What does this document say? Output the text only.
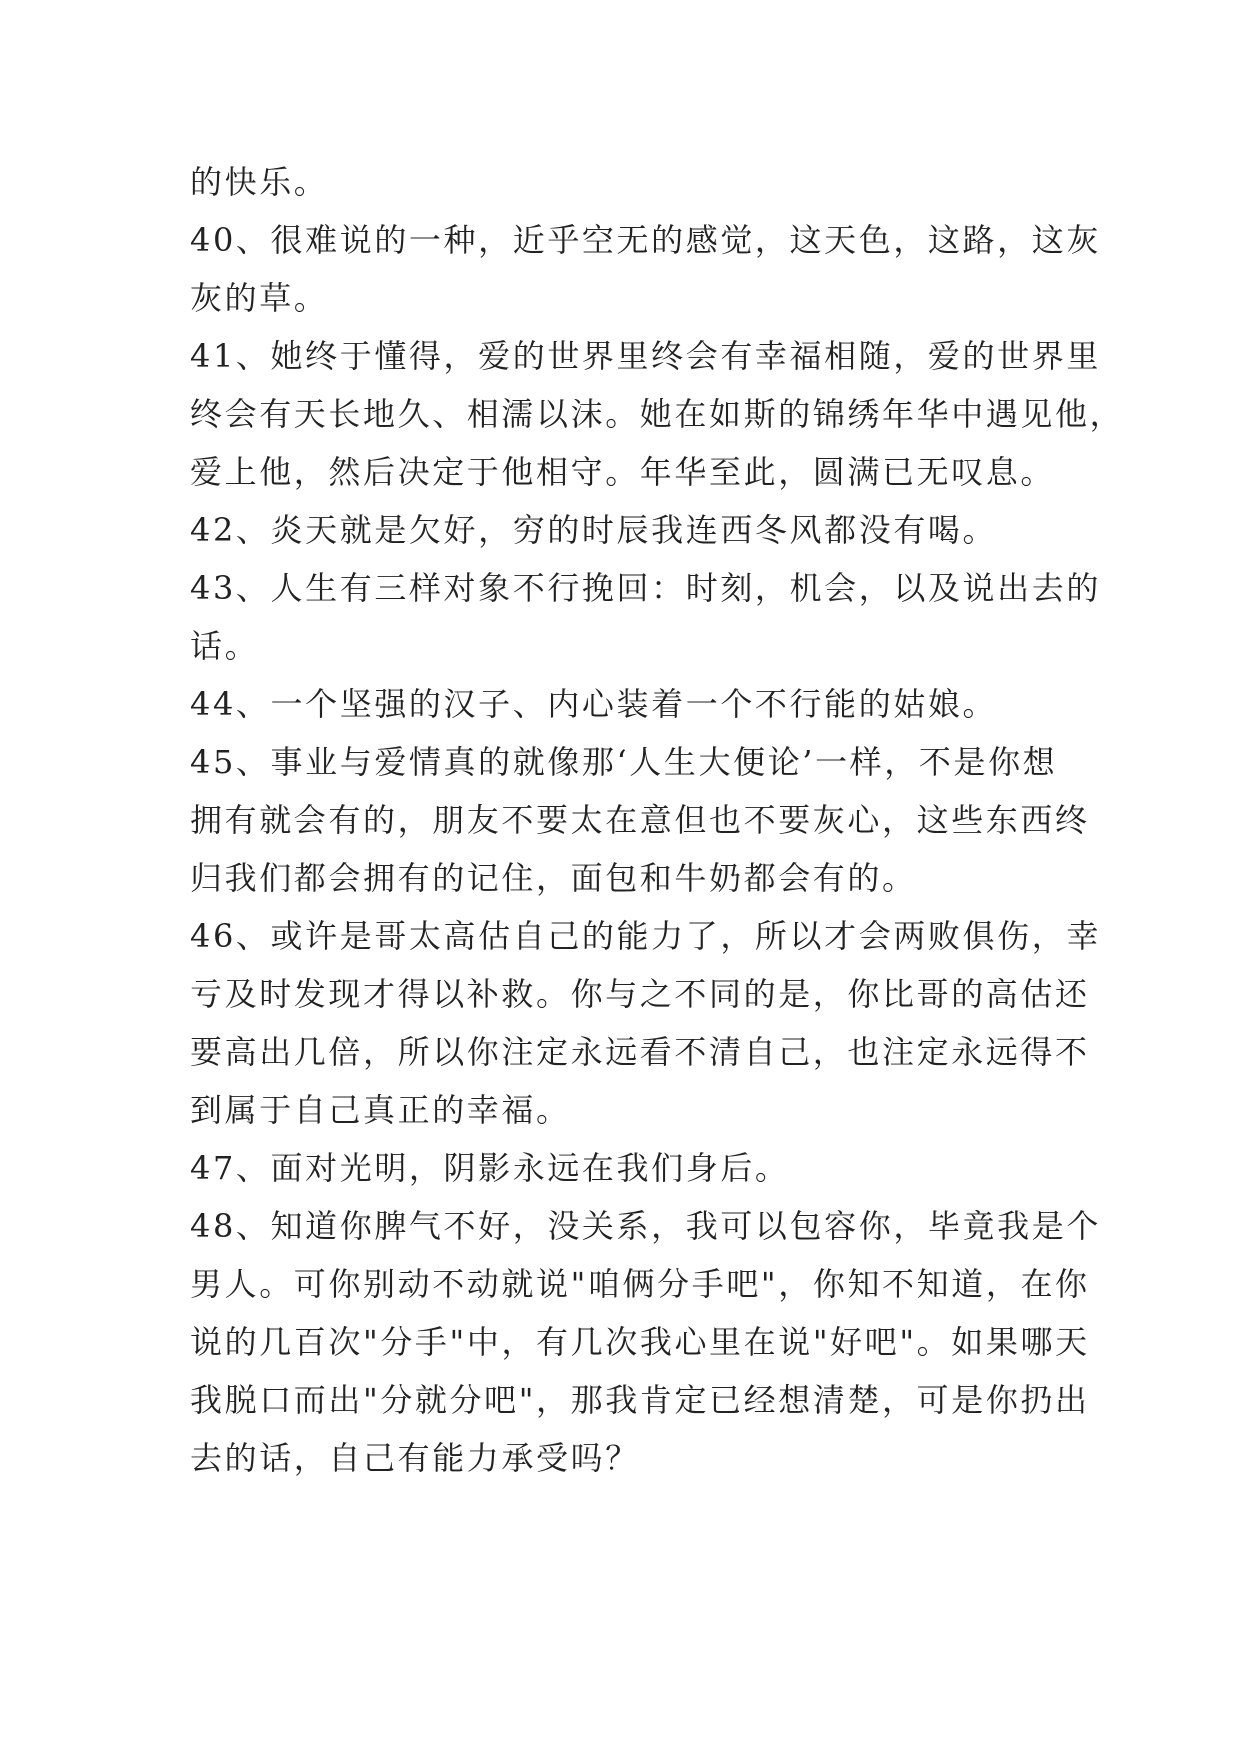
的快乐。
40、很难说的一种，近乎空无的感觉，这天色，这路，这灰
灰的草。
41、她终于懂得，爱的世界里终会有幸福相随，爱的世界里
终会有天长地久、相濡以沫。她在如斯的锦绣年华中遇见他，
爱上他，然后决定于他相守。年华至此，圆满已无叹息。
42、炎天就是欠好，穷的时辰我连西冬风都没有喝。
43、人生有三样对象不行挽回：时刻，机会，以及说出去的
话。
44、一个坚强的汉子、内心装着一个不行能的姑娘。
45、事业与爱情真的就像那‘人生大便论’一样，不是你想
拥有就会有的，朋友不要太在意但也不要灰心，这些东西终
归我们都会拥有的记住，面包和牛奶都会有的。
46、或许是哥太高估自己的能力了，所以才会两败俱伤，幸
亏及时发现才得以补救。你与之不同的是，你比哥的高估还
要高出几倍，所以你注定永远看不清自己，也注定永远得不
到属于自己真正的幸福。
47、面对光明，阴影永远在我们身后。
48、知道你脾气不好，没关系，我可以包容你，毕竟我是个
男人。可你别动不动就说"咱俩分手吧"，你知不知道，在你
说的几百次"分手"中，有几次我心里在说"好吧"。如果哪天
我脱口而出"分就分吧"，那我肯定已经想清楚，可是你扔出
去的话，自己有能力承受吗？
